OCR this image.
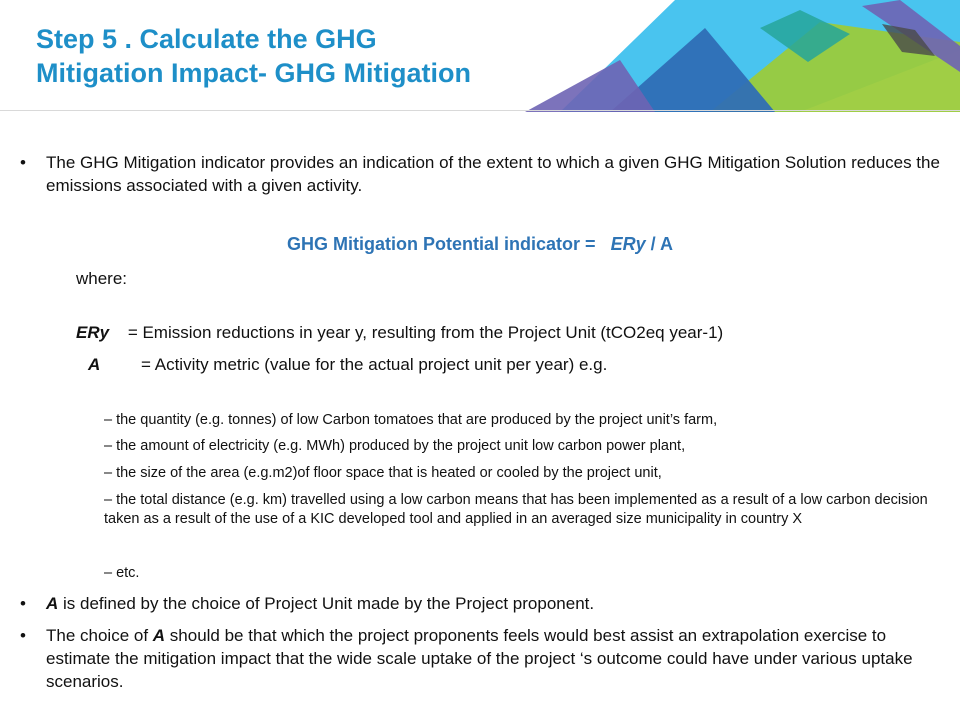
Step 5 . Calculate the GHG
Mitigation Impact- GHG Mitigation
• The GHG Mitigation indicator provides an indication of the extent to which a given GHG Mitigation Solution reduces the emissions associated with a given activity.
GHG Mitigation Potential indicator = ERy / A
where:
ERy = Emission reductions in year y, resulting from the Project Unit (tCO2eq year-1)
A = Activity metric (value for the actual project unit per year) e.g.
– the quantity (e.g. tonnes) of low Carbon tomatoes that are produced by the project unit’s farm,
– the amount of electricity (e.g. MWh) produced by the project unit low carbon power plant,
– the size of the area (e.g.m2)of floor space that is heated or cooled by the project unit,
– the total distance (e.g. km) travelled using a low carbon means that has been implemented as a result of a low carbon decision taken as a result of the use of a KIC developed tool and applied in an averaged size municipality in country X
– etc.
• A is defined by the choice of Project Unit made by the Project proponent.
• The choice of A should be that which the project proponents feels would best assist an extrapolation exercise to estimate the mitigation impact that the wide scale uptake of the project ‘s outcome could have under various uptake scenarios.
